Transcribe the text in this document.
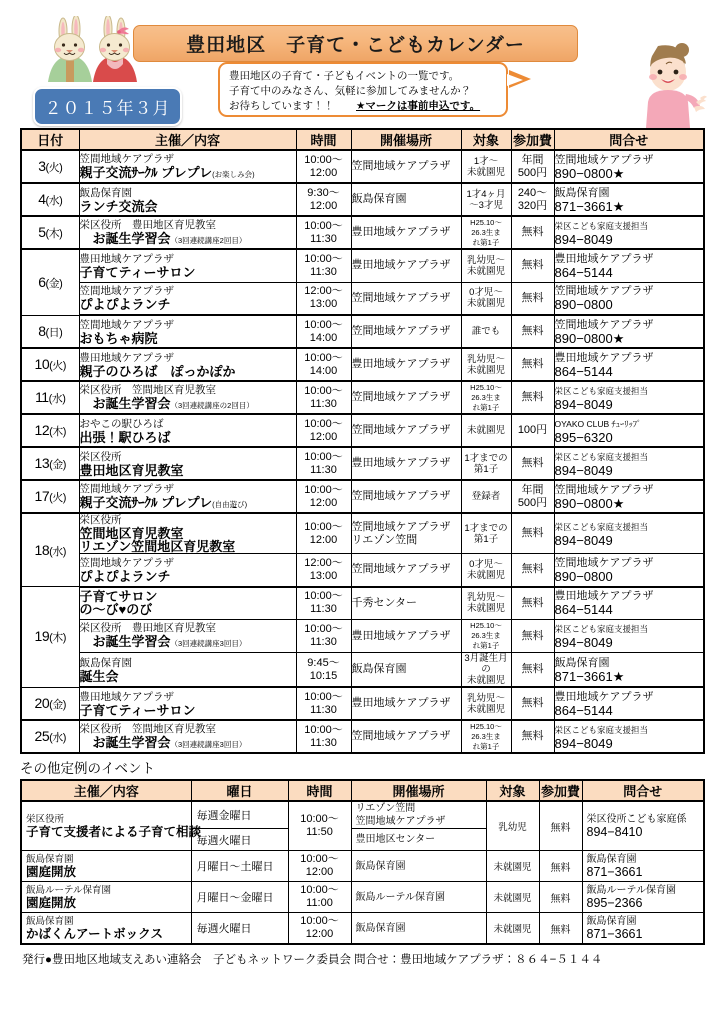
豊田地区　子育て・こどもカレンダー
２０１５年３月
豊田地区の子育て・子どもイベントの一覧です。
子育て中のみなさん、気軽に参加してみませんか？
お待ちしています！！ ★マークは事前申込です。
日付	主催／内容	時間	開催場所	対象	参加費	問合せ
3(火)	笠間地域ケアプラザ
親子交流ｻｰｸﾙ プレプレ(お楽しみ会)	10:00〜
12:00	笠間地域ケアプラザ	1才〜
未就園児	年間
500円	笠間地域ケアプラザ
890−0800★

4(水)	飯島保育園
ランチ交流会	9:30〜
12:00	飯島保育園	1才4ヶ月
〜3才児	240〜
320円	飯島保育園
871−3661★

5(木)	栄区役所　豊田地区育児教室
　お誕生学習会（3回連続講座2回目）	10:00〜
11:30	豊田地域ケアプラザ	H25.10〜
26.3生ま
れ第1子	無料	栄区こども家庭支援担当
894−8049

6(金)	豊田地域ケアプラザ
子育てティーサロン	10:00〜
11:30	豊田地域ケアプラザ	乳幼児〜
未就園児	無料	豊田地域ケアプラザ
864−5144

	笠間地域ケアプラザ
ぴよぴよランチ	12:00〜
13:00	笠間地域ケアプラザ	0才児〜
未就園児	無料	笠間地域ケアプラザ
890−0800

8(日)	笠間地域ケアプラザ
おもちゃ病院	10:00〜
14:00	笠間地域ケアプラザ	誰でも	無料	笠間地域ケアプラザ
890−0800★

10(火)	豊田地域ケアプラザ
親子のひろば　ぽっかぽか	10:00〜
14:00	豊田地域ケアプラザ	乳幼児〜
未就園児	無料	豊田地域ケアプラザ
864−5144

11(水)	栄区役所　笠間地区育児教室
　お誕生学習会（3回連続講座の2回目）	10:00〜
11:30	笠間地域ケアプラザ	H25.10〜
26.3生ま
れ第1子	無料	栄区こども家庭支援担当
894−8049

12(木)	おやこの駅ひろば
出張！駅ひろば	10:00〜
12:00	笠間地域ケアプラザ	未就園児	100円	OYAKO CLUB ﾁｭｰﾘｯﾌﾟ
895−6320

13(金)	栄区役所
豊田地区育児教室	10:00〜
11:30	豊田地域ケアプラザ	1才までの
第1子	無料	栄区こども家庭支援担当
894−8049

17(火)	笠間地域ケアプラザ
親子交流ｻｰｸﾙ プレプレ(自由遊び)	10:00〜
12:00	笠間地域ケアプラザ	登録者	年間
500円	笠間地域ケアプラザ
890−0800★

18(水)	栄区役所
笠間地区育児教室
リエゾン笠間地区育児教室	10:00〜
12:00	笠間地域ケアプラザ
リエゾン笠間	1才までの
第1子	無料	栄区こども家庭支援担当
894−8049

	笠間地域ケアプラザ
ぴよぴよランチ	12:00〜
13:00	笠間地域ケアプラザ	0才児〜
未就園児	無料	笠間地域ケアプラザ
890−0800

19(木)	子育てサロン
の〜び♥のび	10:00〜
11:30	千秀センター	乳幼児〜
未就園児	無料	豊田地域ケアプラザ
864−5144

	栄区役所　豊田地区育児教室
　お誕生学習会（3回連続講座3回目）	10:00〜
11:30	豊田地域ケアプラザ	H25.10〜
26.3生ま
れ第1子	無料	栄区こども家庭支援担当
894−8049

	飯島保育園
誕生会	9:45〜
10:15	飯島保育園	3月誕生月の
未就園児	無料	飯島保育園
871−3661★

20(金)	豊田地域ケアプラザ
子育てティーサロン	10:00〜
11:30	豊田地域ケアプラザ	乳幼児〜
未就園児	無料	豊田地域ケアプラザ
864−5144

25(水)	栄区役所　笠間地区育児教室
　お誕生学習会（3回連続講座3回目）	10:00〜
11:30	笠間地域ケアプラザ	H25.10〜
26.3生ま
れ第1子	無料	栄区こども家庭支援担当
894−8049
その他定例のイベント
主催／内容	曜日	時間	開催場所	対象	参加費	問合せ

栄区役所
子育て支援者による子育て相談	毎週金曜日	10:00〜
11:50	リエゾン笠間
笠間地域ケアプラザ	乳幼児	無料	栄区役所こども家庭係
894−8410

	毎週火曜日		豊田地区センター			

飯島保育園
園庭開放	月曜日〜土曜日	10:00〜
12:00	飯島保育園	未就園児	無料	飯島保育園
871−3661

飯島ルーテル保育園
園庭開放	月曜日〜金曜日	10:00〜
11:00	飯島ルーテル保育園	未就園児	無料	飯島ルーテル保育園
895−2366

飯島保育園
かばくんアートボックス	毎週火曜日	10:00〜
12:00	飯島保育園	未就園児	無料	飯島保育園
871−3661
発行●豊田地区地域支えあい連絡会　子どもネットワーク委員会 問合せ：豊田地域ケアプラザ：８６４−５１４４
